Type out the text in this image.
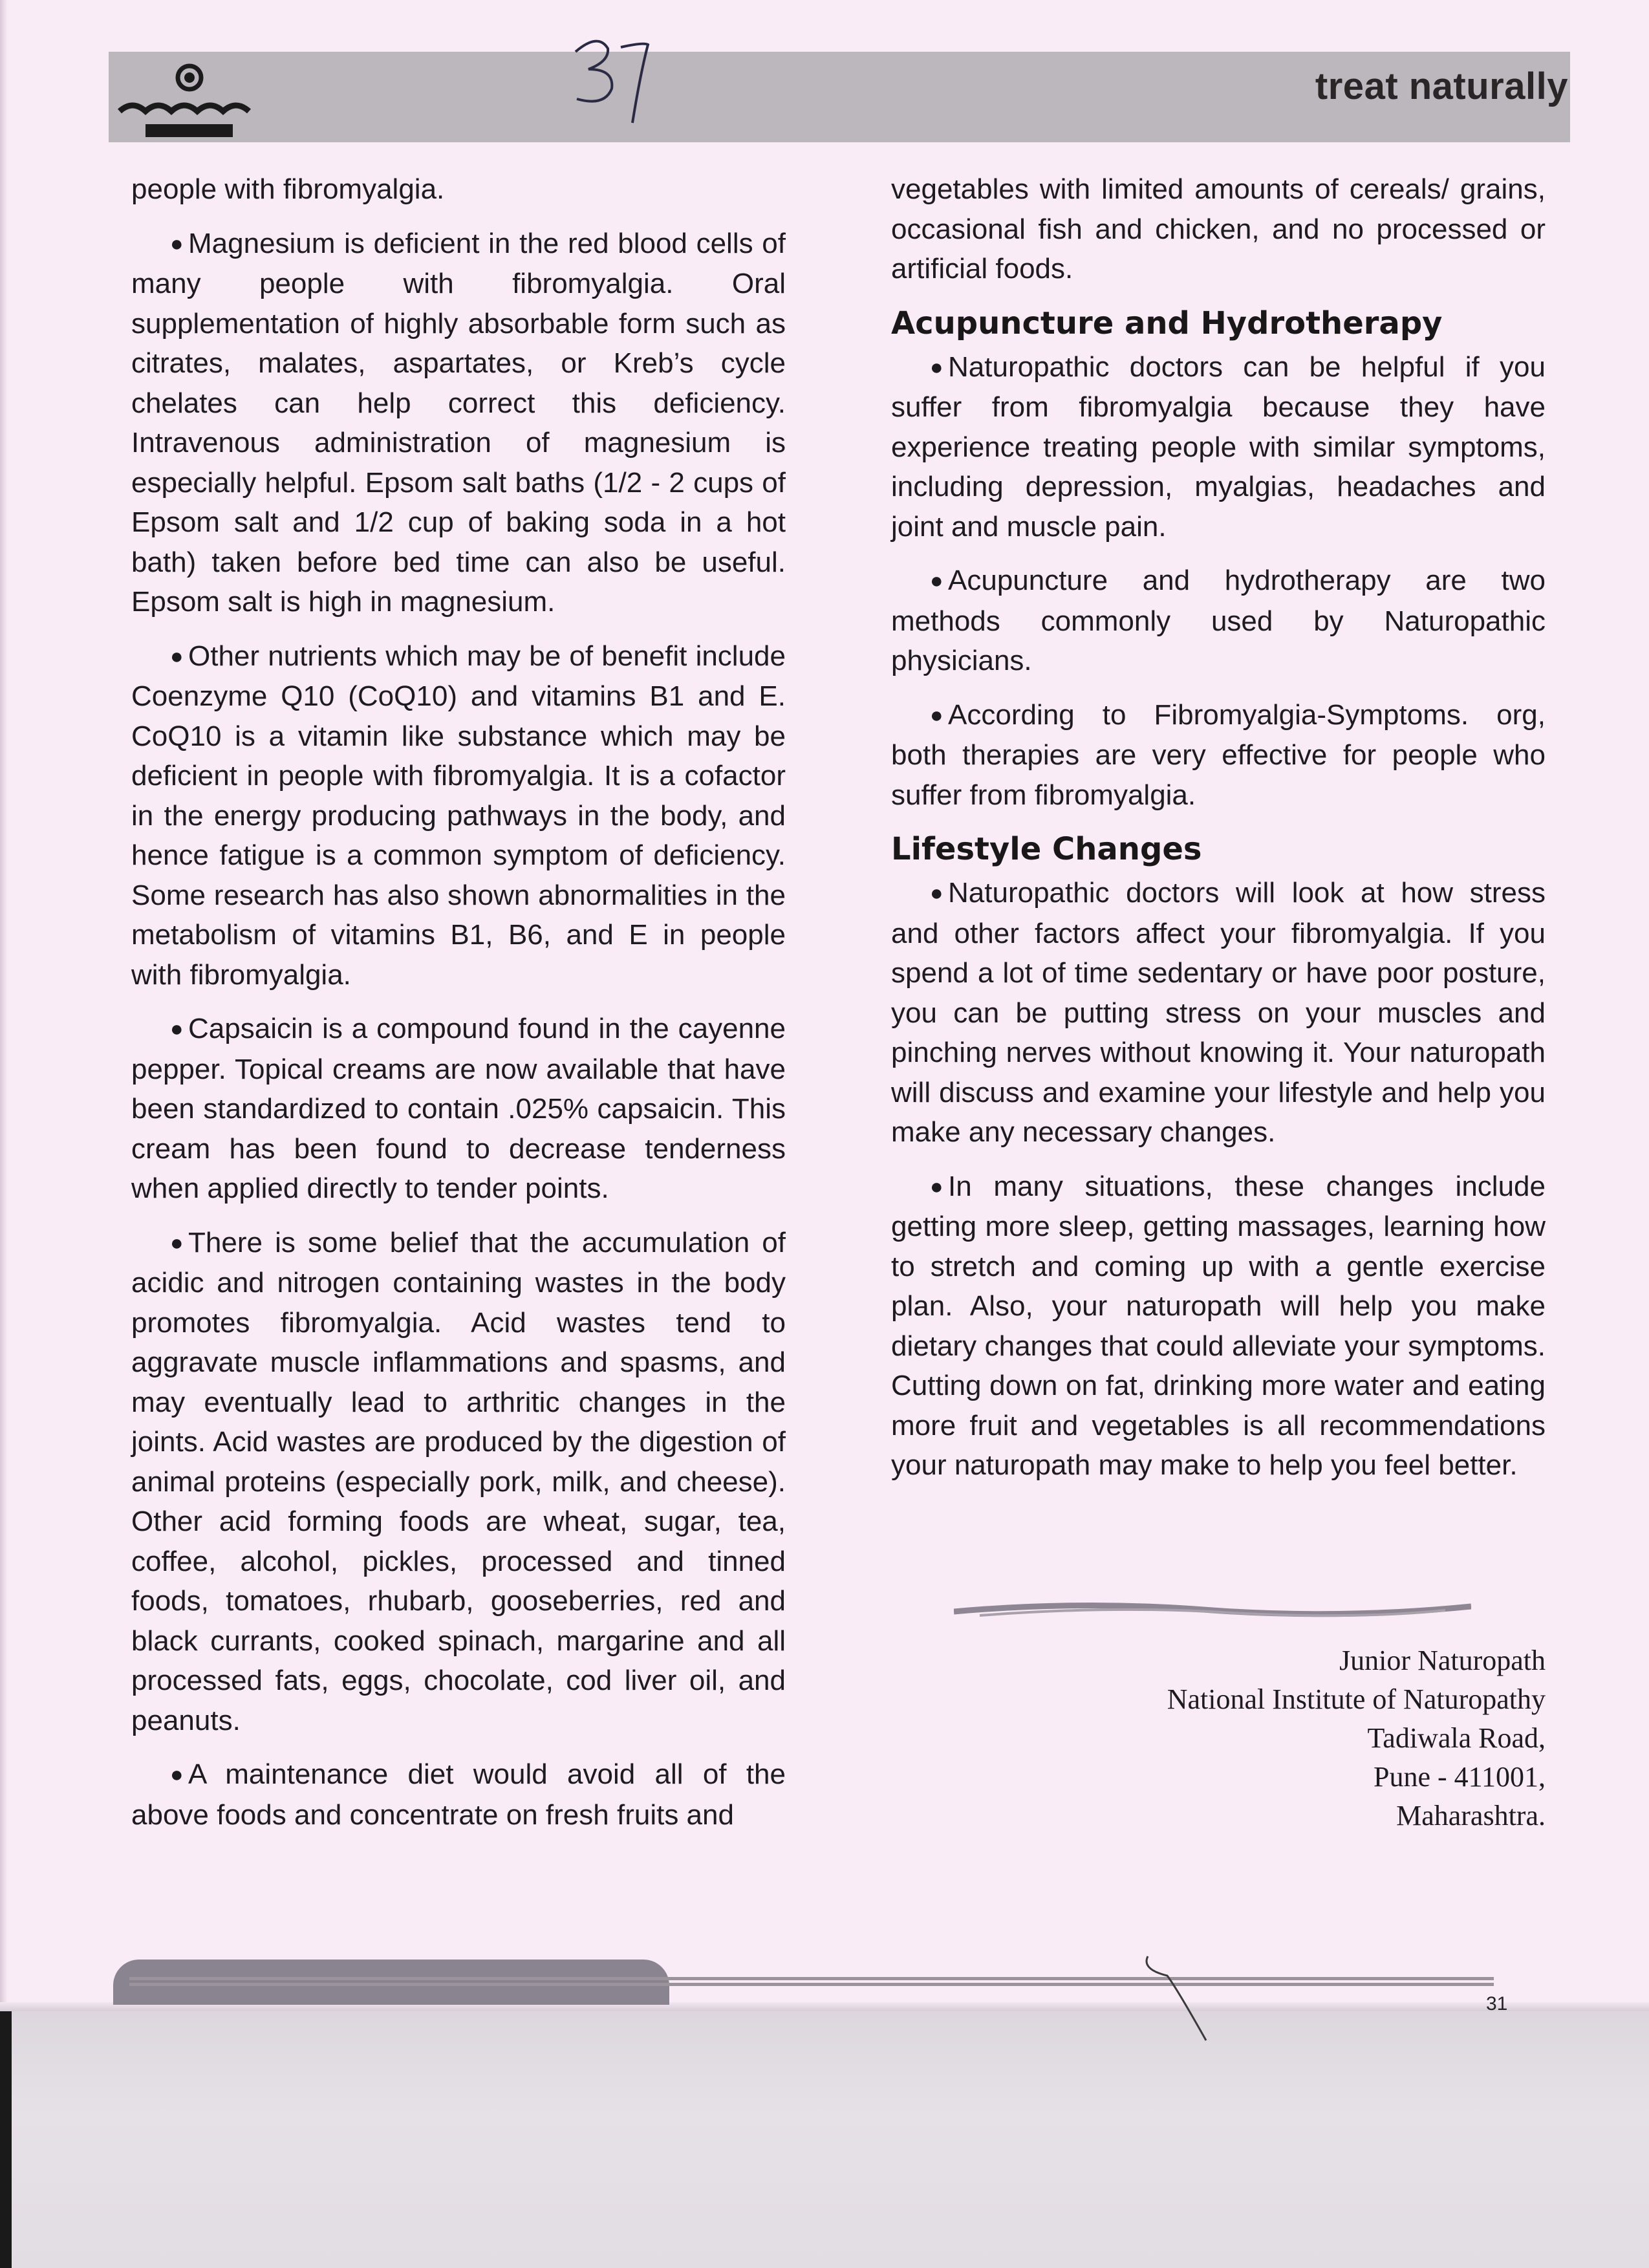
treat naturally

people with fibromyalgia.

● Magnesium is deficient in the red blood cells of many people with fibromyalgia. Oral supplementation of highly absorbable form such as citrates, malates, aspartates, or Kreb’s cycle chelates can help correct this deficiency. Intravenous administration of magnesium is especially helpful. Epsom salt baths (1/2 - 2 cups of Epsom salt and 1/2 cup of baking soda in a hot bath) taken before bed time can also be useful. Epsom salt is high in magnesium.

● Other nutrients which may be of benefit include Coenzyme Q10 (CoQ10) and vitamins B1 and E. CoQ10 is a vitamin like substance which may be deficient in people with fibromyalgia. It is a cofactor in the energy producing pathways in the body, and hence fatigue is a common symptom of deficiency. Some research has also shown abnormalities in the metabolism of vitamins B1, B6, and E in people with fibromyalgia.

● Capsaicin is a compound found in the cayenne pepper. Topical creams are now available that have been standardized to contain .025% capsaicin. This cream has been found to decrease tenderness when applied directly to tender points.

● There is some belief that the accumulation of acidic and nitrogen containing wastes in the body promotes fibromyalgia. Acid wastes tend to aggravate muscle inflammations and spasms, and may eventually lead to arthritic changes in the joints. Acid wastes are produced by the digestion of animal proteins (especially pork, milk, and cheese). Other acid forming foods are wheat, sugar, tea, coffee, alcohol, pickles, processed and tinned foods, tomatoes, rhubarb, gooseberries, red and black currants, cooked spinach, margarine and all processed fats, eggs, chocolate, cod liver oil, and peanuts.

● A maintenance diet would avoid all of the above foods and concentrate on fresh fruits and

vegetables with limited amounts of cereals/ grains, occasional fish and chicken, and no processed or artificial foods.

Acupuncture and Hydrotherapy

● Naturopathic doctors can be helpful if you suffer from fibromyalgia because they have experience treating people with similar symptoms, including depression, myalgias, headaches and joint and muscle pain.

● Acupuncture and hydrotherapy are two methods commonly used by Naturopathic physicians.

● According to Fibromyalgia-Symptoms. org, both therapies are very effective for people who suffer from fibromyalgia.

Lifestyle Changes

● Naturopathic doctors will look at how stress and other factors affect your fibromyalgia. If you spend a lot of time sedentary or have poor posture, you can be putting stress on your muscles and pinching nerves without knowing it. Your naturopath will discuss and examine your lifestyle and help you make any necessary changes.

● In many situations, these changes include getting more sleep, getting massages, learning how to stretch and coming up with a gentle exercise plan. Also, your naturopath will help you make dietary changes that could alleviate your symptoms. Cutting down on fat, drinking more water and eating more fruit and vegetables is all recommendations your naturopath may make to help you feel better.

Junior Naturopath
National Institute of Naturopathy
Tadiwala Road,
Pune - 411001,
Maharashtra.
31
